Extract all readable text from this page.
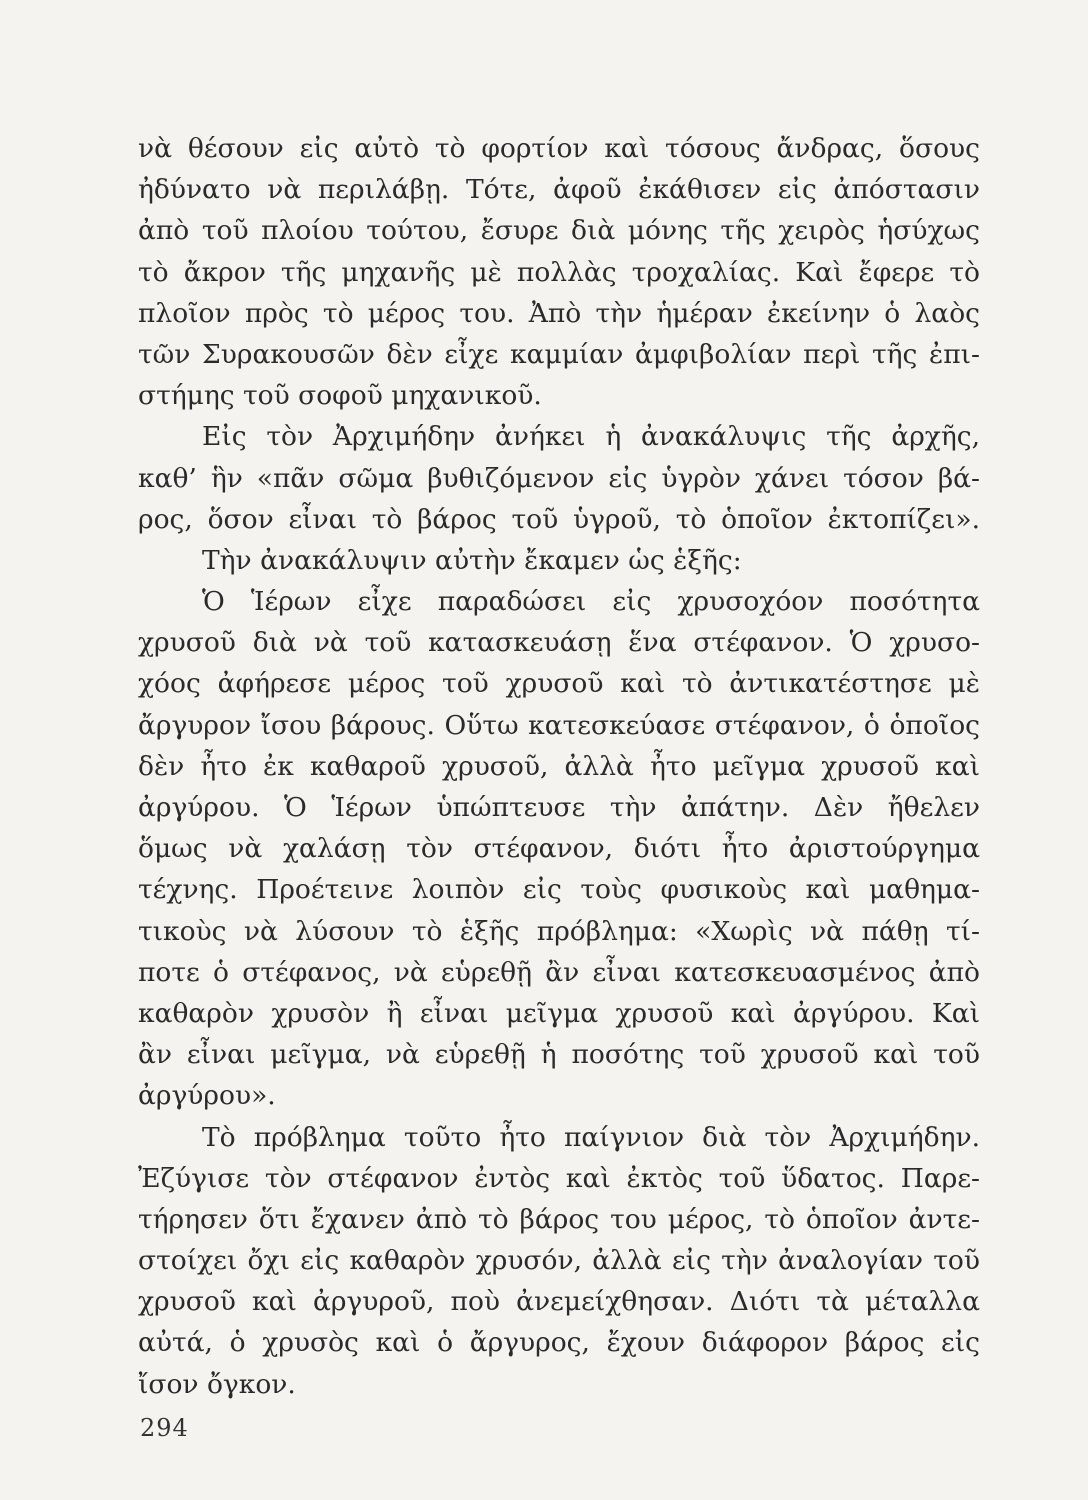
νὰ θέσουν εἰς αὐτὸ τὸ φορτίον καὶ τόσους ἄνδρας, ὅσους
ἠδύνατο νὰ περιλάβῃ. Τότε, ἀφοῦ ἐκάθισεν εἰς ἀπόστασιν
ἀπὸ τοῦ πλοίου τούτου, ἔσυρε διὰ μόνης τῆς χειρὸς ἡσύχως
τὸ ἄκρον τῆς μηχανῆς μὲ πολλὰς τροχαλίας. Καὶ ἔφερε τὸ
πλοῖον πρὸς τὸ μέρος του. Ἀπὸ τὴν ἡμέραν ἐκείνην ὁ λαὸς
τῶν Συρακουσῶν δὲν εἶχε καμμίαν ἀμφιβολίαν περὶ τῆς ἐπι-
στήμης τοῦ σοφοῦ μηχανικοῦ.
Εἰς τὸν Ἀρχιμήδην ἀνήκει ἡ ἀνακάλυψις τῆς ἀρχῆς,
καθ’ ἣν «πᾶν σῶμα βυθιζόμενον εἰς ὑγρὸν χάνει τόσον βά-
ρος, ὅσον εἶναι τὸ βάρος τοῦ ὑγροῦ, τὸ ὁποῖον ἐκτοπίζει».
Τὴν ἀνακάλυψιν αὐτὴν ἔκαμεν ὡς ἑξῆς:
Ὁ Ἱέρων εἶχε παραδώσει εἰς χρυσοχόον ποσότητα
χρυσοῦ διὰ νὰ τοῦ κατασκευάσῃ ἕνα στέφανον. Ὁ χρυσο-
χόος ἀφήρεσε μέρος τοῦ χρυσοῦ καὶ τὸ ἀντικατέστησε μὲ
ἄργυρον ἴσου βάρους. Οὕτω κατεσκεύασε στέφανον, ὁ ὁποῖος
δὲν ἦτο ἐκ καθαροῦ χρυσοῦ, ἀλλὰ ἦτο μεῖγμα χρυσοῦ καὶ
ἀργύρου. Ὁ Ἱέρων ὑπώπτευσε τὴν ἀπάτην. Δὲν ἤθελεν
ὅμως νὰ χαλάσῃ τὸν στέφανον, διότι ἦτο ἀριστούργημα
τέχνης. Προέτεινε λοιπὸν εἰς τοὺς φυσικοὺς καὶ μαθημα-
τικοὺς νὰ λύσουν τὸ ἑξῆς πρόβλημα: «Χωρὶς νὰ πάθῃ τί-
ποτε ὁ στέφανος, νὰ εὑρεθῇ ἂν εἶναι κατεσκευασμένος ἀπὸ
καθαρὸν χρυσὸν ἢ εἶναι μεῖγμα χρυσοῦ καὶ ἀργύρου. Καὶ
ἂν εἶναι μεῖγμα, νὰ εὑρεθῇ ἡ ποσότης τοῦ χρυσοῦ καὶ τοῦ
ἀργύρου».
Τὸ πρόβλημα τοῦτο ἦτο παίγνιον διὰ τὸν Ἀρχιμήδην.
Ἐζύγισε τὸν στέφανον ἐντὸς καὶ ἐκτὸς τοῦ ὕδατος. Παρε-
τήρησεν ὅτι ἔχανεν ἀπὸ τὸ βάρος του μέρος, τὸ ὁποῖον ἀντε-
στοίχει ὄχι εἰς καθαρὸν χρυσόν, ἀλλὰ εἰς τὴν ἀναλογίαν τοῦ
χρυσοῦ καὶ ἀργυροῦ, ποὺ ἀνεμείχθησαν. Διότι τὰ μέταλλα
αὐτά, ὁ χρυσὸς καὶ ὁ ἄργυρος, ἔχουν διάφορον βάρος εἰς
ἴσον ὄγκον.
294
